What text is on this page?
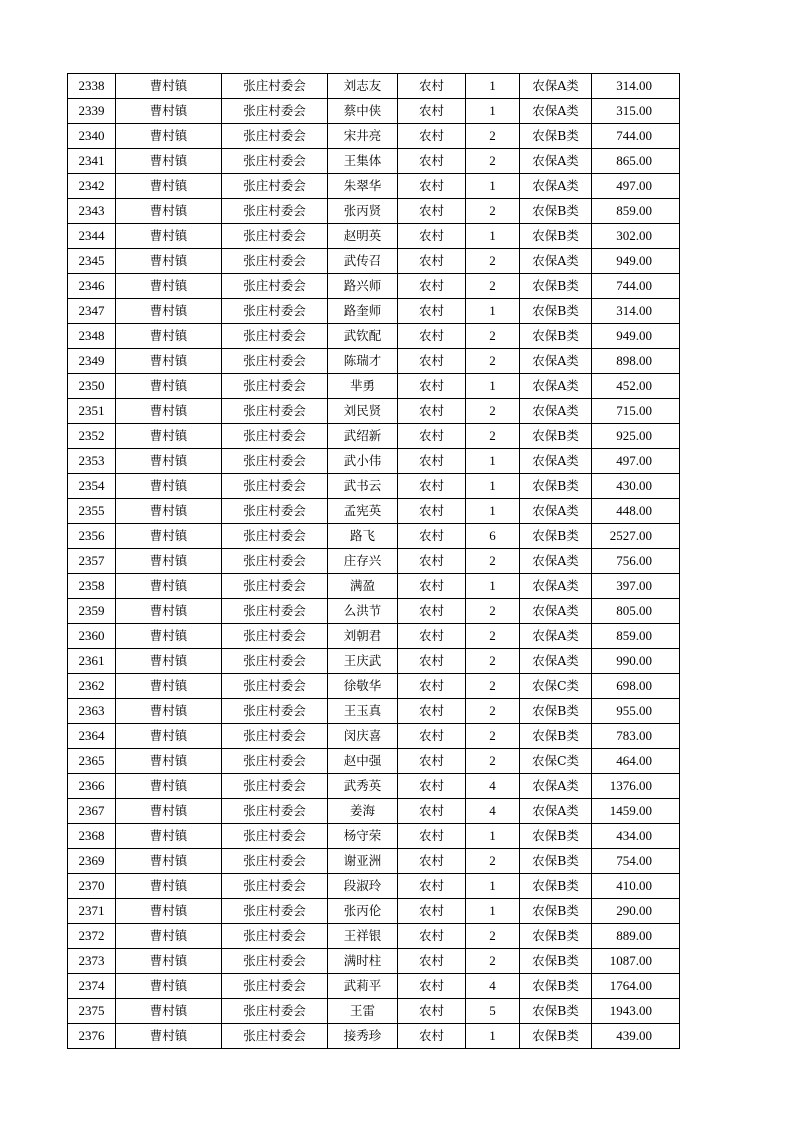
2338	曹村镇	张庄村委会	刘志友	农村	1	农保A类	314.00
2339	曹村镇	张庄村委会	蔡中侠	农村	1	农保A类	315.00
2340	曹村镇	张庄村委会	宋井亮	农村	2	农保B类	744.00
2341	曹村镇	张庄村委会	王集体	农村	2	农保A类	865.00
2342	曹村镇	张庄村委会	朱翠华	农村	1	农保A类	497.00
2343	曹村镇	张庄村委会	张丙贤	农村	2	农保B类	859.00
2344	曹村镇	张庄村委会	赵明英	农村	1	农保B类	302.00
2345	曹村镇	张庄村委会	武传召	农村	2	农保A类	949.00
2346	曹村镇	张庄村委会	路兴师	农村	2	农保B类	744.00
2347	曹村镇	张庄村委会	路奎师	农村	1	农保B类	314.00
2348	曹村镇	张庄村委会	武钦配	农村	2	农保B类	949.00
2349	曹村镇	张庄村委会	陈瑞才	农村	2	农保A类	898.00
2350	曹村镇	张庄村委会	芈勇	农村	1	农保A类	452.00
2351	曹村镇	张庄村委会	刘民贤	农村	2	农保A类	715.00
2352	曹村镇	张庄村委会	武绍新	农村	2	农保B类	925.00
2353	曹村镇	张庄村委会	武小伟	农村	1	农保A类	497.00
2354	曹村镇	张庄村委会	武书云	农村	1	农保B类	430.00
2355	曹村镇	张庄村委会	孟宪英	农村	1	农保A类	448.00
2356	曹村镇	张庄村委会	路飞	农村	6	农保B类	2527.00
2357	曹村镇	张庄村委会	庄存兴	农村	2	农保A类	756.00
2358	曹村镇	张庄村委会	满盈	农村	1	农保A类	397.00
2359	曹村镇	张庄村委会	么洪节	农村	2	农保A类	805.00
2360	曹村镇	张庄村委会	刘朝君	农村	2	农保A类	859.00
2361	曹村镇	张庄村委会	王庆武	农村	2	农保A类	990.00
2362	曹村镇	张庄村委会	徐敬华	农村	2	农保C类	698.00
2363	曹村镇	张庄村委会	王玉真	农村	2	农保B类	955.00
2364	曹村镇	张庄村委会	闵庆喜	农村	2	农保B类	783.00
2365	曹村镇	张庄村委会	赵中强	农村	2	农保C类	464.00
2366	曹村镇	张庄村委会	武秀英	农村	4	农保A类	1376.00
2367	曹村镇	张庄村委会	姜海	农村	4	农保A类	1459.00
2368	曹村镇	张庄村委会	杨守荣	农村	1	农保B类	434.00
2369	曹村镇	张庄村委会	谢亚洲	农村	2	农保B类	754.00
2370	曹村镇	张庄村委会	段淑玲	农村	1	农保B类	410.00
2371	曹村镇	张庄村委会	张丙伦	农村	1	农保B类	290.00
2372	曹村镇	张庄村委会	王祥银	农村	2	农保B类	889.00
2373	曹村镇	张庄村委会	满时柱	农村	2	农保B类	1087.00
2374	曹村镇	张庄村委会	武莉平	农村	4	农保B类	1764.00
2375	曹村镇	张庄村委会	王雷	农村	5	农保B类	1943.00
2376	曹村镇	张庄村委会	接秀珍	农村	1	农保B类	439.00
